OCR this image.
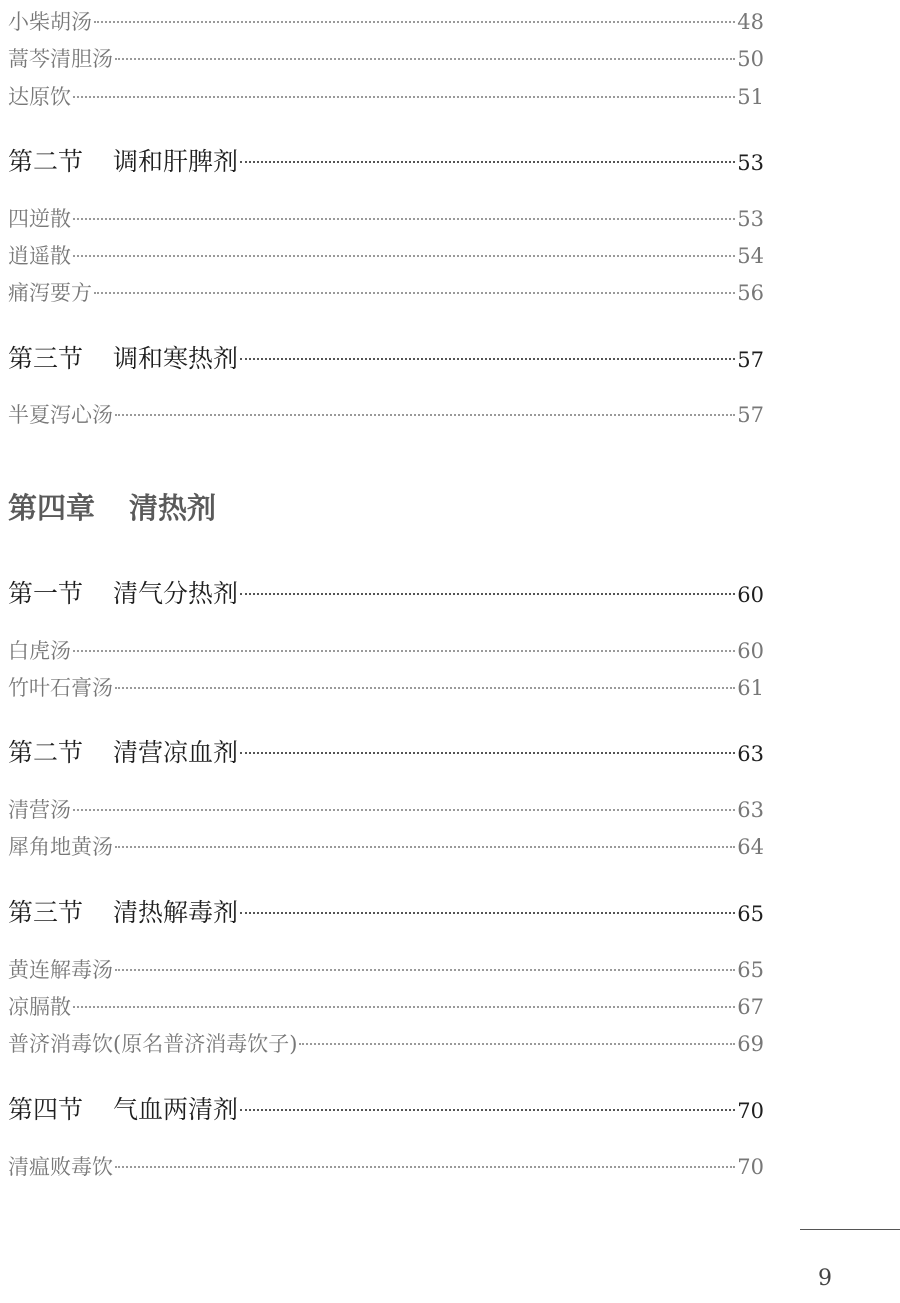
小柴胡汤	48
蒿芩清胆汤	50
达原饮	51
第二节 调和肝脾剂	53
四逆散	53
逍遥散	54
痛泻要方	56
第三节 调和寒热剂	57
半夏泻心汤	57
第四章 清热剂
第一节 清气分热剂	60
白虎汤	60
竹叶石膏汤	61
第二节 清营凉血剂	63
清营汤	63
犀角地黄汤	64
第三节 清热解毒剂	65
黄连解毒汤	65
凉膈散	67
普济消毒饮(原名普济消毒饮子)	69
第四节 气血两清剂	70
清瘟败毒饮	70
9
